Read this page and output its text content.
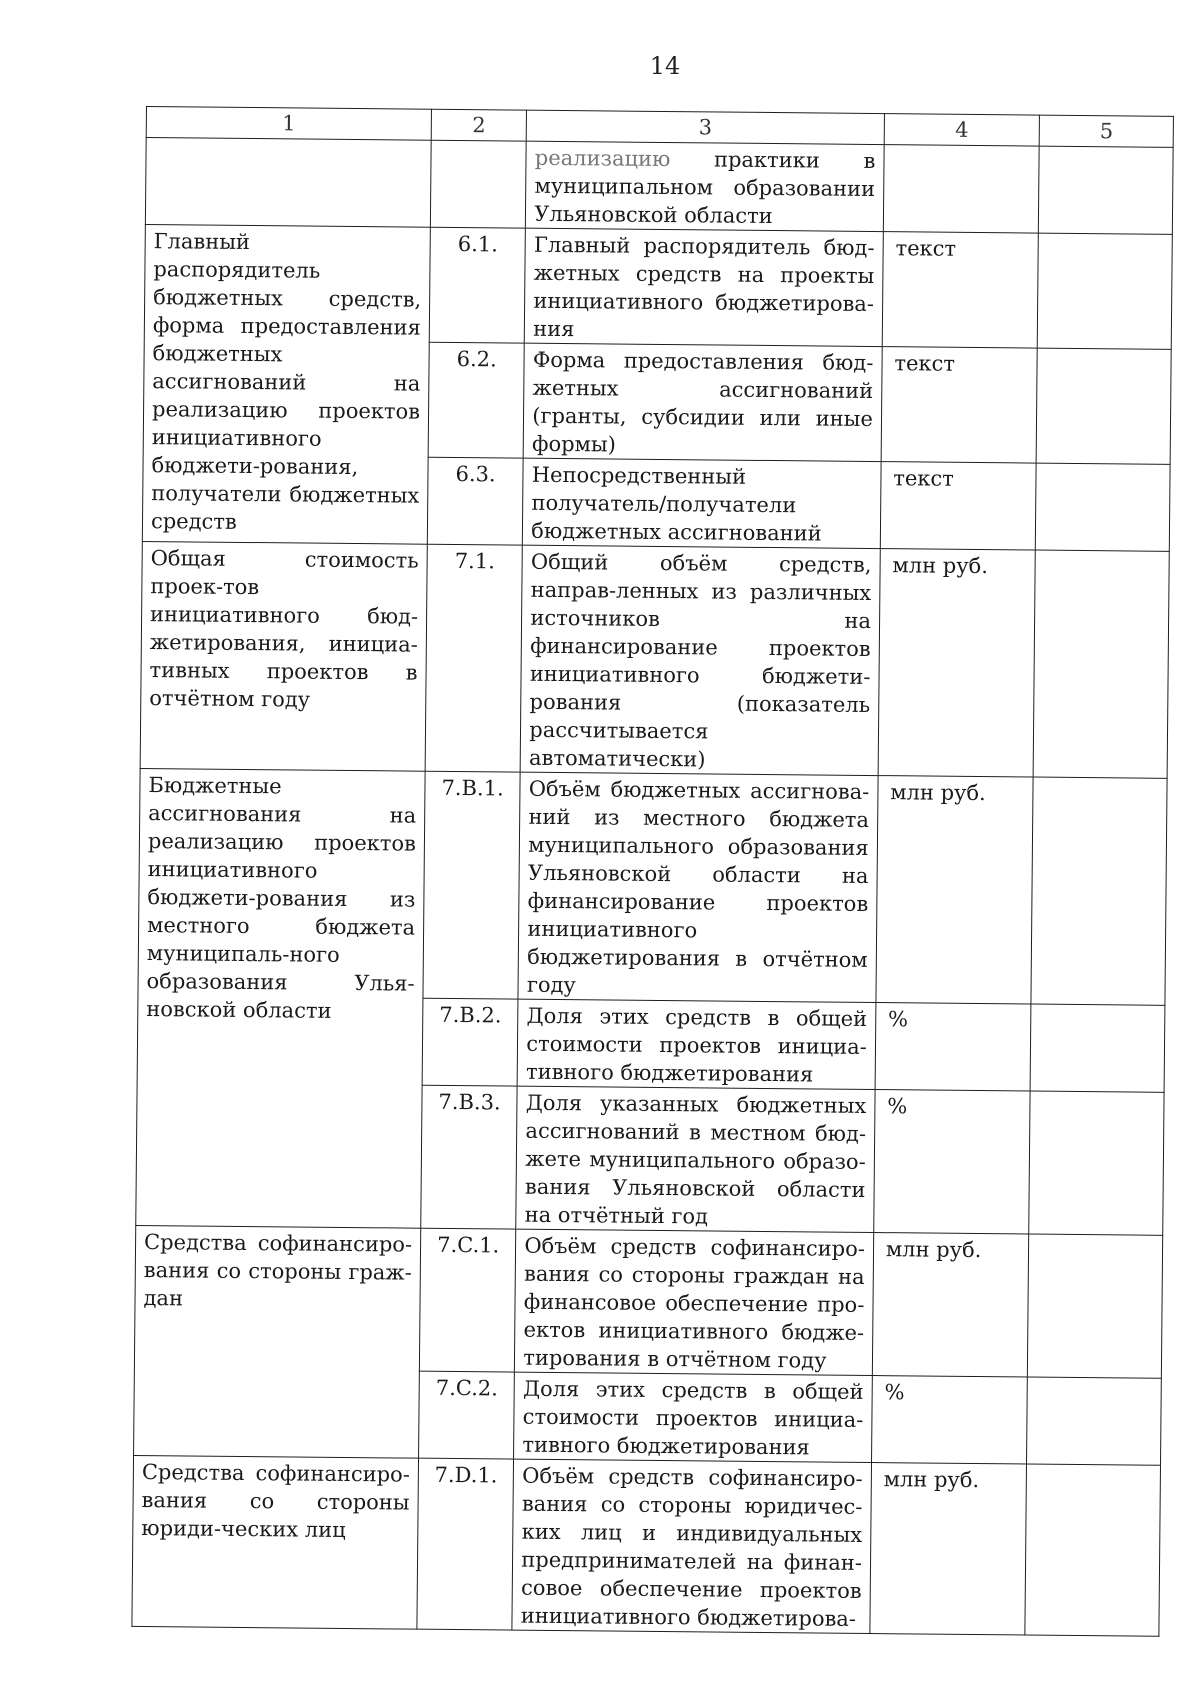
14
1	2	3	4	5
		реализацию практики в муниципальном образовании Ульяновской области		
Главный распорядитель бюджетных средств, форма предоставления бюджетных ассигнований на реализацию проектов инициативного бюджети-рования, получатели бюджетных средств	6.1.	Главный распорядитель бюд-жетных средств на проекты инициативного бюджетирова-ния	текст	
	6.2.	Форма предоставления бюд-жетных ассигнований (гранты, субсидии или иные формы)	текст	
	6.3.	Непосредственный получатель/получатели бюджетных ассигнований	текст	
Общая стоимость проек-тов инициативного бюд-жетирования, инициа-тивных проектов в отчётном году	7.1.	Общий объём средств, направ-ленных из различных источников на финансирование проектов инициативного бюджети-рования (показатель рассчитывается автоматически)	млн руб.	
Бюджетные ассигнования на реализацию проектов инициативного бюджети-рования из местного бюджета муниципаль-ного образования Улья-новской области	7.B.1.	Объём бюджетных ассигнова-ний из местного бюджета муниципального образования Ульяновской области на финансирование проектов инициативного бюджетирования в отчётном году	млн руб.	
	7.B.2.	Доля этих средств в общей стоимости проектов инициа-тивного бюджетирования	%	
	7.B.3.	Доля указанных бюджетных ассигнований в местном бюд-жете муниципального образо-вания Ульяновской области на отчётный год	%	
Средства софинансиро-вания со стороны граж-дан	7.C.1.	Объём средств софинансиро-вания со стороны граждан на финансовое обеспечение про-ектов инициативного бюдже-тирования в отчётном году	млн руб.	
	7.C.2.	Доля этих средств в общей стоимости проектов инициа-тивного бюджетирования	%	
Средства софинансиро-вания со стороны юриди-ческих лиц	7.D.1.	Объём средств софинансиро-вания со стороны юридичес-ких лиц и индивидуальных предпринимателей на финан-совое обеспечение проектов инициативного бюджетирова-	млн руб.	
